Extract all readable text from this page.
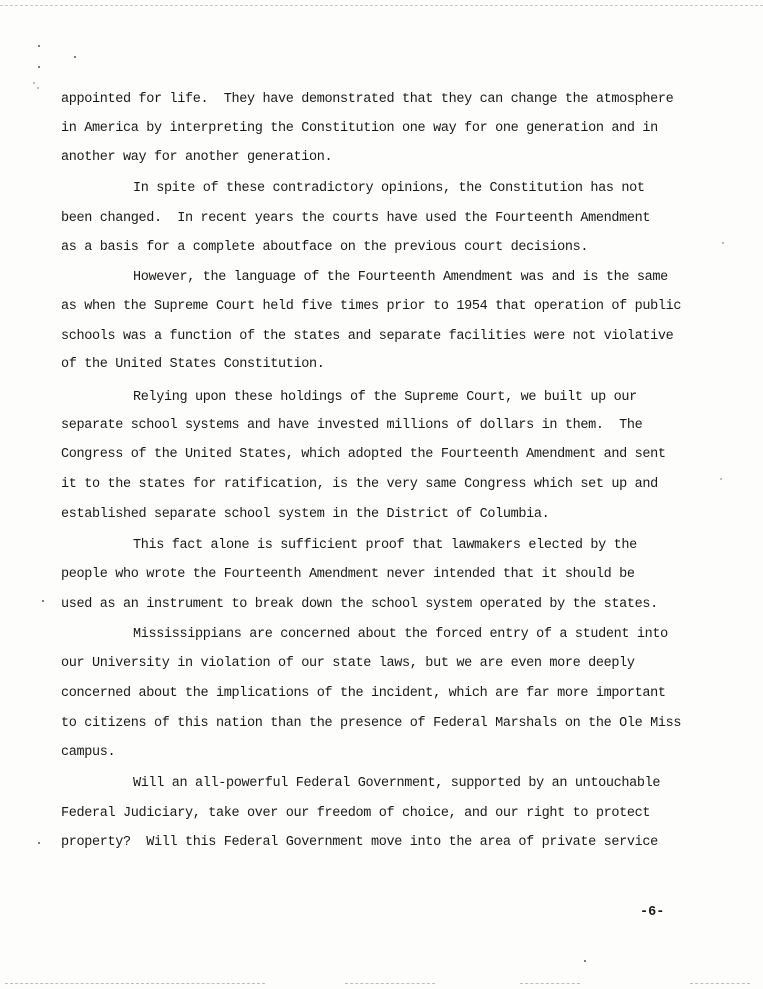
appointed for life.  They have demonstrated that they can change the atmosphere
in America by interpreting the Constitution one way for one generation and in
another way for another generation.
In spite of these contradictory opinions, the Constitution has not
been changed.  In recent years the courts have used the Fourteenth Amendment
as a basis for a complete aboutface on the previous court decisions.
However, the language of the Fourteenth Amendment was and is the same
as when the Supreme Court held five times prior to 1954 that operation of public
schools was a function of the states and separate facilities were not violative
of the United States Constitution.
Relying upon these holdings of the Supreme Court, we built up our
separate school systems and have invested millions of dollars in them.  The
Congress of the United States, which adopted the Fourteenth Amendment and sent
it to the states for ratification, is the very same Congress which set up and
established separate school system in the District of Columbia.
This fact alone is sufficient proof that lawmakers elected by the
people who wrote the Fourteenth Amendment never intended that it should be
used as an instrument to break down the school system operated by the states.
Mississippians are concerned about the forced entry of a student into
our University in violation of our state laws, but we are even more deeply
concerned about the implications of the incident, which are far more important
to citizens of this nation than the presence of Federal Marshals on the Ole Miss
campus.
Will an all-powerful Federal Government, supported by an untouchable
Federal Judiciary, take over our freedom of choice, and our right to protect
property?  Will this Federal Government move into the area of private service
-6-
